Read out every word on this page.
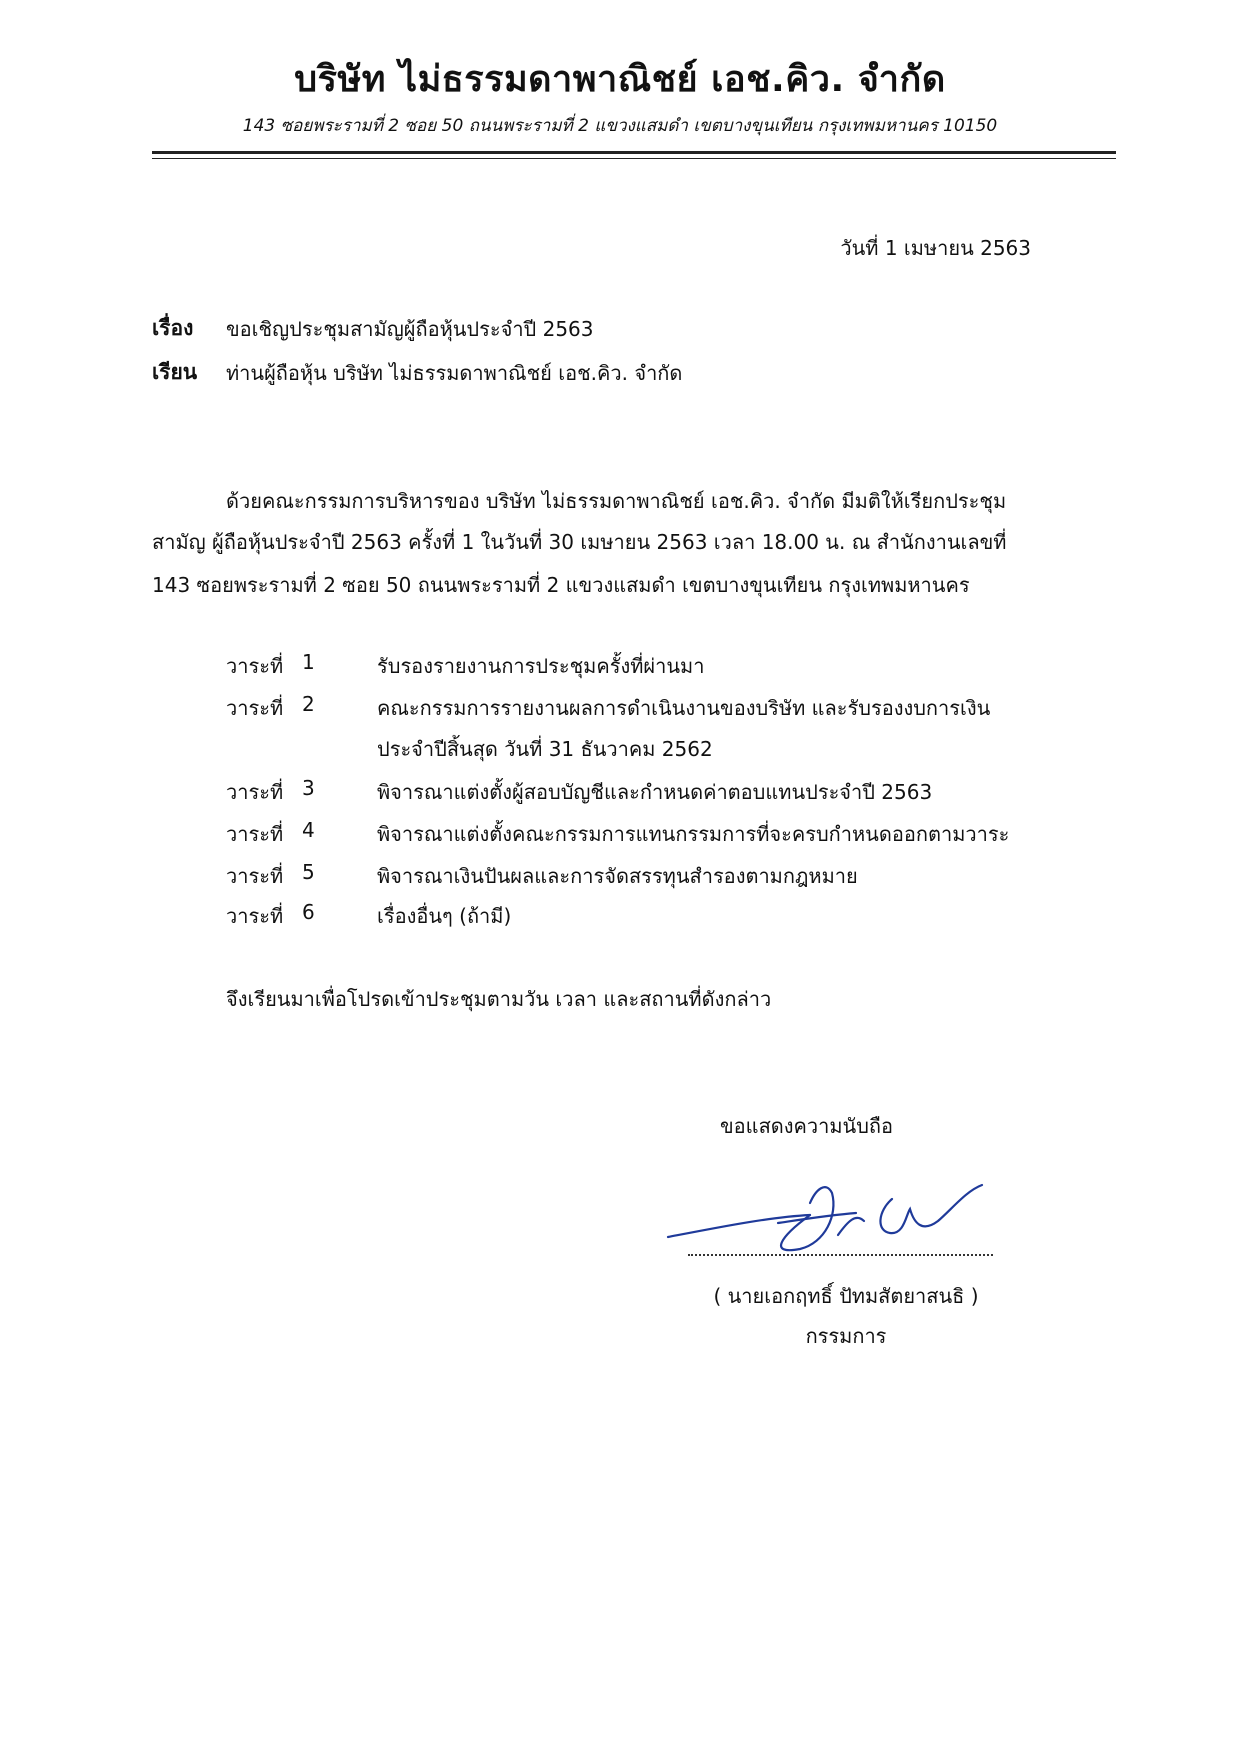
บริษัท ไม่ธรรมดาพาณิชย์ เอช.คิว. จำกัด
143 ซอยพระรามที่ 2 ซอย 50 ถนนพระรามที่ 2 แขวงแสมดำ เขตบางขุนเทียน กรุงเทพมหานคร 10150
วันที่ 1 เมษายน 2563
เรื่อง ขอเชิญประชุมสามัญผู้ถือหุ้นประจำปี 2563
เรียน ท่านผู้ถือหุ้น บริษัท ไม่ธรรมดาพาณิชย์ เอช.คิว. จำกัด
ด้วยคณะกรรมการบริหารของ บริษัท ไม่ธรรมดาพาณิชย์ เอช.คิว. จำกัด มีมติให้เรียกประชุม
สามัญ ผู้ถือหุ้นประจำปี 2563 ครั้งที่ 1 ในวันที่ 30 เมษายน 2563 เวลา 18.00 น. ณ สำนักงานเลขที่
143 ซอยพระรามที่ 2 ซอย 50 ถนนพระรามที่ 2 แขวงแสมดำ เขตบางขุนเทียน กรุงเทพมหานคร
วาระที่ 1	รับรองรายงานการประชุมครั้งที่ผ่านมา
วาระที่ 2	คณะกรรมการรายงานผลการดำเนินงานของบริษัท และรับรองงบการเงิน
ประจำปีสิ้นสุด วันที่ 31 ธันวาคม 2562
วาระที่ 3	พิจารณาแต่งตั้งผู้สอบบัญชีและกำหนดค่าตอบแทนประจำปี 2563
วาระที่ 4	พิจารณาแต่งตั้งคณะกรรมการแทนกรรมการที่จะครบกำหนดออกตามวาระ
วาระที่ 5	พิจารณาเงินปันผลและการจัดสรรทุนสำรองตามกฎหมาย
วาระที่ 6	เรื่องอื่นๆ (ถ้ามี)
จึงเรียนมาเพื่อโปรดเข้าประชุมตามวัน เวลา และสถานที่ดังกล่าว
ขอแสดงความนับถือ
( นายเอกฤทธิ์ ปัทมสัตยาสนธิ )
กรรมการ
